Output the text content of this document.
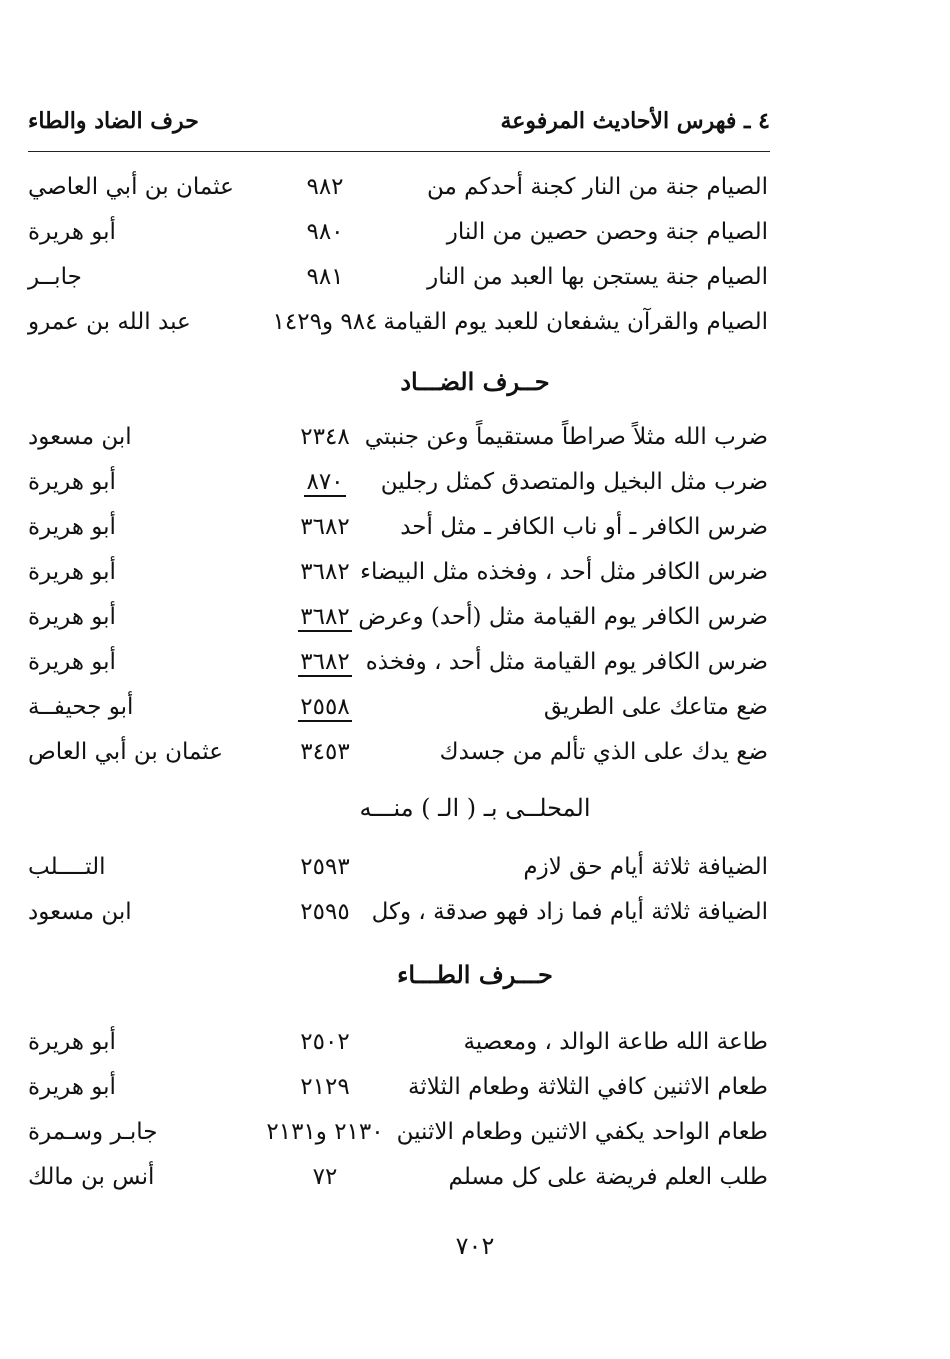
٤ ـ فهرس الأحاديث المرفوعة
حرف الضاد والطاء
الصيام جنة من النار كجنة أحدكم من
٩٨٢
عثمان بن أبي العاصي
الصيام جنة وحصن حصين من النار
٩٨٠
أبو هريرة
الصيام جنة يستجن بها العبد من النار
٩٨١
جابــر
الصيام والقرآن يشفعان للعبد يوم القيامة
٩٨٤ و١٤٢٩
عبد الله بن عمرو
حــرف الضـــاد
ضرب الله مثلاً صراطاً مستقيماً وعن جنبتي
٢٣٤٨
ابن مسعود
ضرب مثل البخيل والمتصدق كمثل رجلين
٨٧٠
أبو هريرة
ضرس الكافر ـ أو ناب الكافر ـ مثل أحد
٣٦٨٢
أبو هريرة
ضرس الكافر مثل أحد ، وفخذه مثل البيضاء
٣٦٨٢
أبو هريرة
ضرس الكافر يوم القيامة مثل (أحد) وعرض
٣٦٨٢
أبو هريرة
ضرس الكافر يوم القيامة مثل أحد ، وفخذه
٣٦٨٢
أبو هريرة
ضع متاعك على الطريق
٢٥٥٨
أبو جحيفــة
ضع يدك على الذي تألم من جسدك
٣٤٥٣
عثمان بن أبي العاص
المحلــى بـ ( الـ ) منـــه
الضيافة ثلاثة أيام حق لازم
٢٥٩٣
التــــلب
الضيافة ثلاثة أيام فما زاد فهو صدقة ، وكل
٢٥٩٥
ابن مسعود
حـــرف الطـــاء
طاعة الله طاعة الوالد ، ومعصية
٢٥٠٢
أبو هريرة
طعام الاثنين كافي الثلاثة وطعام الثلاثة
٢١٢٩
أبو هريرة
طعام الواحد يكفي الاثنين وطعام الاثنين
٢١٣٠ و٢١٣١
جابـر وسـمرة
طلب العلم فريضة على كل مسلم
٧٢
أنس بن مالك
٧٠٢
